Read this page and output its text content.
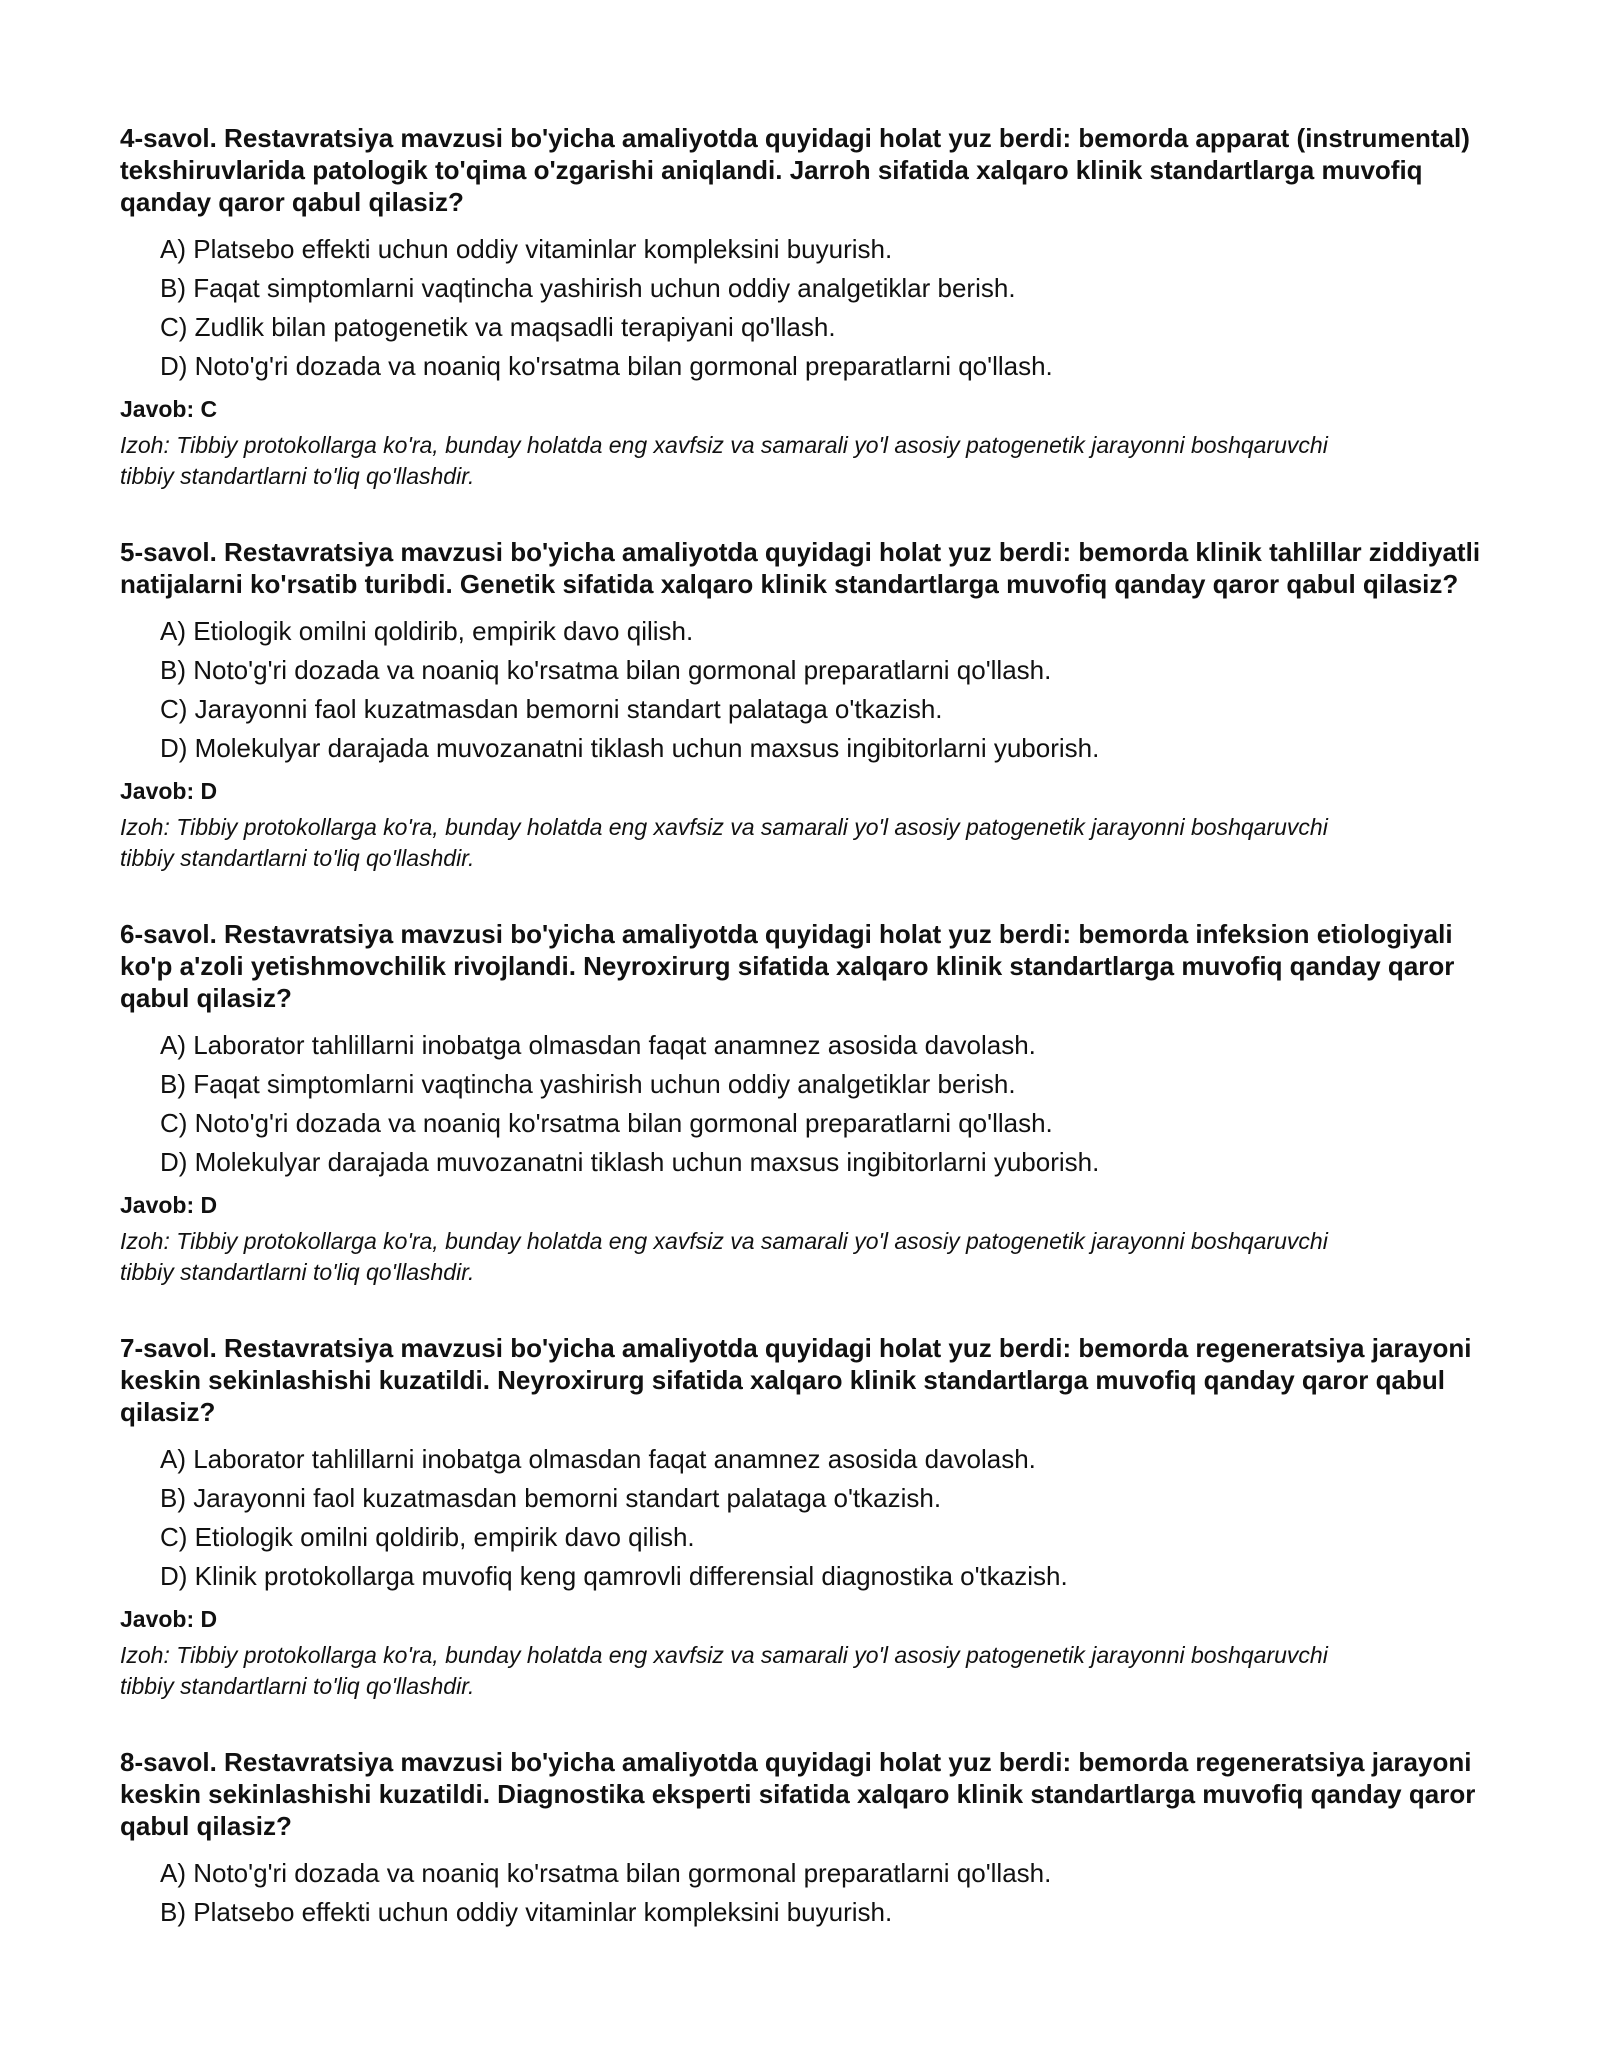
4-savol. Restavratsiya mavzusi bo'yicha amaliyotda quyidagi holat yuz berdi: bemorda apparat (instrumental) tekshiruvlarida patologik to'qima o'zgarishi aniqlandi. Jarroh sifatida xalqaro klinik standartlarga muvofiq qanday qaror qabul qilasiz?

A) Platsebo effekti uchun oddiy vitaminlar kompleksini buyurish.
B) Faqat simptomlarni vaqtincha yashirish uchun oddiy analgetiklar berish.
C) Zudlik bilan patogenetik va maqsadli terapiyani qo'llash.
D) Noto'g'ri dozada va noaniq ko'rsatma bilan gormonal preparatlarni qo'llash.

Javob: C

Izoh: Tibbiy protokollarga ko'ra, bunday holatda eng xavfsiz va samarali yo'l asosiy patogenetik jarayonni boshqaruvchi tibbiy standartlarni to'liq qo'llashdir.

5-savol. Restavratsiya mavzusi bo'yicha amaliyotda quyidagi holat yuz berdi: bemorda klinik tahlillar ziddiyatli natijalarni ko'rsatib turibdi. Genetik sifatida xalqaro klinik standartlarga muvofiq qanday qaror qabul qilasiz?

A) Etiologik omilni qoldirib, empirik davo qilish.
B) Noto'g'ri dozada va noaniq ko'rsatma bilan gormonal preparatlarni qo'llash.
C) Jarayonni faol kuzatmasdan bemorni standart palataga o'tkazish.
D) Molekulyar darajada muvozanatni tiklash uchun maxsus ingibitorlarni yuborish.

Javob: D

Izoh: Tibbiy protokollarga ko'ra, bunday holatda eng xavfsiz va samarali yo'l asosiy patogenetik jarayonni boshqaruvchi tibbiy standartlarni to'liq qo'llashdir.

6-savol. Restavratsiya mavzusi bo'yicha amaliyotda quyidagi holat yuz berdi: bemorda infeksion etiologiyali ko'p a'zoli yetishmovchilik rivojlandi. Neyroxirurg sifatida xalqaro klinik standartlarga muvofiq qanday qaror qabul qilasiz?

A) Laborator tahlillarni inobatga olmasdan faqat anamnez asosida davolash.
B) Faqat simptomlarni vaqtincha yashirish uchun oddiy analgetiklar berish.
C) Noto'g'ri dozada va noaniq ko'rsatma bilan gormonal preparatlarni qo'llash.
D) Molekulyar darajada muvozanatni tiklash uchun maxsus ingibitorlarni yuborish.

Javob: D

Izoh: Tibbiy protokollarga ko'ra, bunday holatda eng xavfsiz va samarali yo'l asosiy patogenetik jarayonni boshqaruvchi tibbiy standartlarni to'liq qo'llashdir.

7-savol. Restavratsiya mavzusi bo'yicha amaliyotda quyidagi holat yuz berdi: bemorda regeneratsiya jarayoni keskin sekinlashishi kuzatildi. Neyroxirurg sifatida xalqaro klinik standartlarga muvofiq qanday qaror qabul qilasiz?

A) Laborator tahlillarni inobatga olmasdan faqat anamnez asosida davolash.
B) Jarayonni faol kuzatmasdan bemorni standart palataga o'tkazish.
C) Etiologik omilni qoldirib, empirik davo qilish.
D) Klinik protokollarga muvofiq keng qamrovli differensial diagnostika o'tkazish.

Javob: D

Izoh: Tibbiy protokollarga ko'ra, bunday holatda eng xavfsiz va samarali yo'l asosiy patogenetik jarayonni boshqaruvchi tibbiy standartlarni to'liq qo'llashdir.

8-savol. Restavratsiya mavzusi bo'yicha amaliyotda quyidagi holat yuz berdi: bemorda regeneratsiya jarayoni keskin sekinlashishi kuzatildi. Diagnostika eksperti sifatida xalqaro klinik standartlarga muvofiq qanday qaror qabul qilasiz?

A) Noto'g'ri dozada va noaniq ko'rsatma bilan gormonal preparatlarni qo'llash.
B) Platsebo effekti uchun oddiy vitaminlar kompleksini buyurish.
